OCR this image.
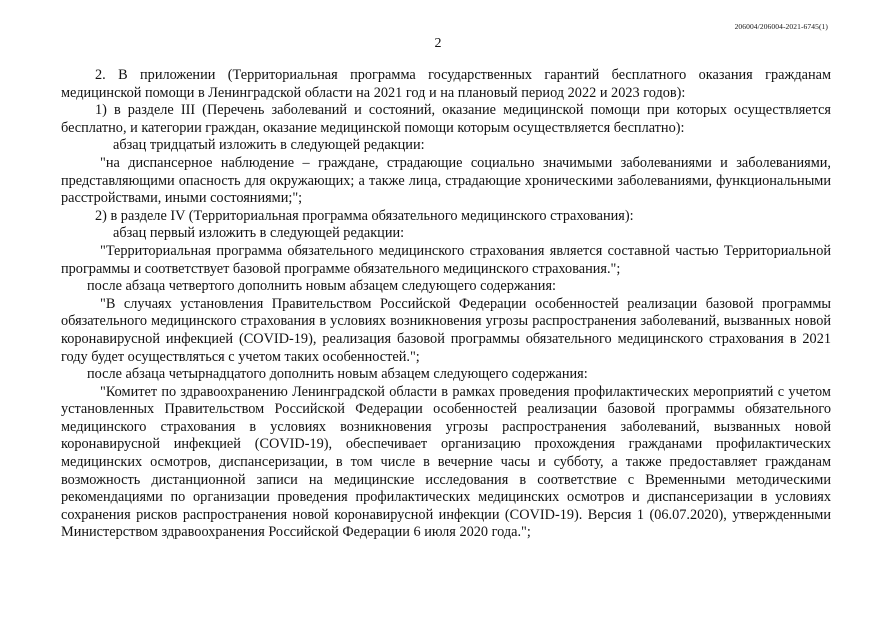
206004/206004-2021-6745(1)
2

2. В приложении (Территориальная программа государственных гарантий бесплатного оказания гражданам медицинской помощи в Ленинградской области на 2021 год и на плановый период 2022 и 2023 годов):

1) в разделе III (Перечень заболеваний и состояний, оказание медицинской помощи при которых осуществляется бесплатно, и категории граждан, оказание медицинской помощи которым осуществляется бесплатно):

абзац тридцатый изложить в следующей редакции:

"на диспансерное наблюдение – граждане, страдающие социально значимыми заболеваниями и заболеваниями, представляющими опасность для окружающих; а также лица, страдающие хроническими заболеваниями, функциональными расстройствами, иными состояниями;";

2) в разделе IV (Территориальная программа обязательного медицинского страхования):

абзац первый изложить в следующей редакции:

"Территориальная программа обязательного медицинского страхования является составной частью Территориальной программы и соответствует базовой программе обязательного медицинского страхования.";

после абзаца четвертого дополнить новым абзацем следующего содержания:

"В случаях установления Правительством Российской Федерации особенностей реализации базовой программы обязательного медицинского страхования в условиях возникновения угрозы распространения заболеваний, вызванных новой коронавирусной инфекцией (COVID-19), реализация базовой программы обязательного медицинского страхования в 2021 году будет осуществляться с учетом таких особенностей.";

после абзаца четырнадцатого дополнить новым абзацем следующего содержания:

"Комитет по здравоохранению Ленинградской области в рамках проведения профилактических мероприятий с учетом установленных Правительством Российской Федерации особенностей реализации базовой программы обязательного медицинского страхования в условиях возникновения угрозы распространения заболеваний, вызванных новой коронавирусной инфекцией (COVID-19), обеспечивает организацию прохождения гражданами профилактических медицинских осмотров, диспансеризации, в том числе в вечерние часы и субботу, а также предоставляет гражданам возможность дистанционной записи на медицинские исследования в соответствие с Временными методическими рекомендациями по организации проведения профилактических медицинских осмотров и диспансеризации в условиях сохранения рисков распространения новой коронавирусной инфекции (COVID-19). Версия 1 (06.07.2020), утвержденными Министерством здравоохранения Российской Федерации 6 июля 2020 года.";
